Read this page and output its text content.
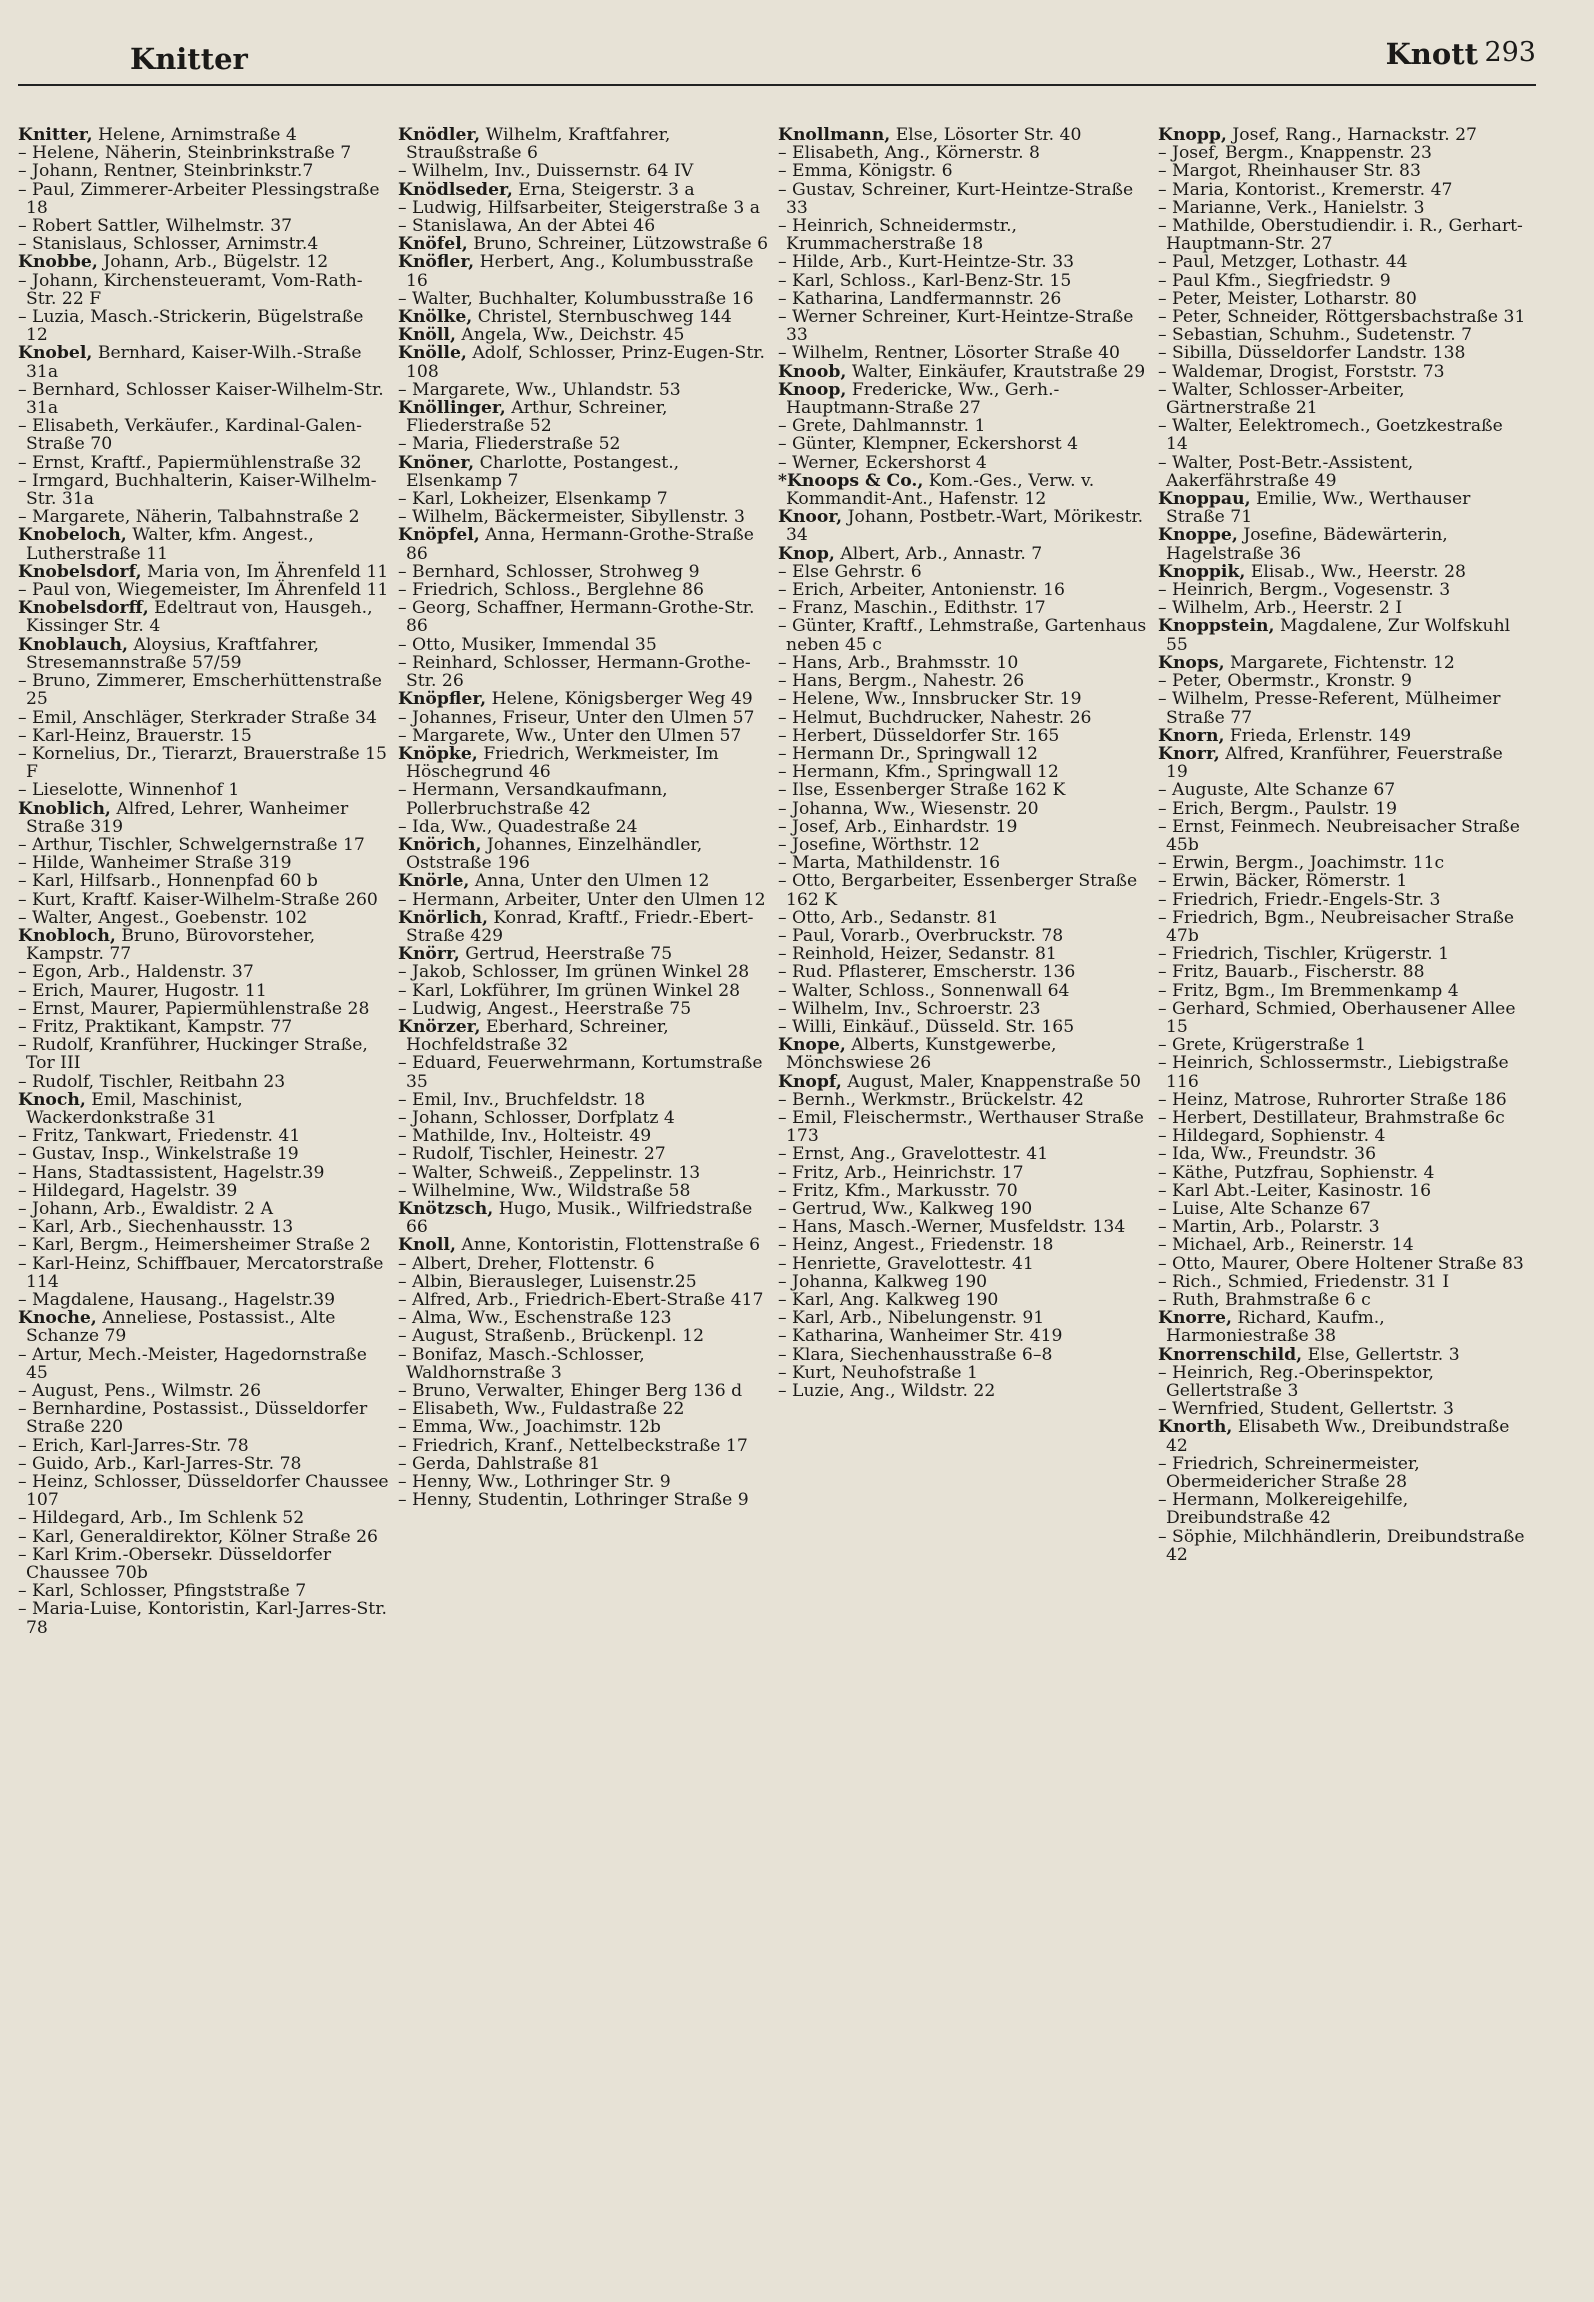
Knitter	Knott 293

Knitter, Helene, Arnimstraße 4

– Helene, Näherin, Steinbrinkstraße 7

– Johann, Rentner, Steinbrinkstr.7

– Paul, Zimmerer-Arbeiter Plessingstraße 18

– Robert Sattler, Wilhelmstr. 37

– Stanislaus, Schlosser, Arnimstr.4

Knobbe, Johann, Arb., Bügelstr. 12

– Johann, Kirchensteueramt, Vom-Rath-Str. 22 F

– Luzia, Masch.-Strickerin, Bügelstraße 12

Knobel, Bernhard, Kaiser-Wilh.-Straße 31a

– Bernhard, Schlosser Kaiser-Wilhelm-Str. 31a

– Elisabeth, Verkäufer., Kardinal-Galen-Straße 70

– Ernst, Kraftf., Papiermühlenstraße 32

– Irmgard, Buchhalterin, Kaiser-Wilhelm-Str. 31a

– Margarete, Näherin, Talbahnstraße 2

Knobeloch, Walter, kfm. Angest., Lutherstraße 11

Knobelsdorf, Maria von, Im Ährenfeld 11

– Paul von, Wiegemeister, Im Ährenfeld 11

Knobelsdorff, Edeltraut von, Hausgeh., Kissinger Str. 4

Knoblauch, Aloysius, Kraftfahrer, Stresemannstraße 57/59

– Bruno, Zimmerer, Emscherhüttenstraße 25

– Emil, Anschläger, Sterkrader Straße 34

– Karl-Heinz, Brauerstr. 15

– Kornelius, Dr., Tierarzt, Brauerstraße 15 F

– Lieselotte, Winnenhof 1

Knoblich, Alfred, Lehrer, Wanheimer Straße 319

– Arthur, Tischler, Schwelgernstraße 17

– Hilde, Wanheimer Straße 319

– Karl, Hilfsarb., Honnenpfad 60 b

– Kurt, Kraftf. Kaiser-Wilhelm-Straße 260

– Walter, Angest., Goebenstr. 102

Knobloch, Bruno, Bürovorsteher, Kampstr. 77

– Egon, Arb., Haldenstr. 37

– Erich, Maurer, Hugostr. 11

– Ernst, Maurer, Papiermühlenstraße 28

– Fritz, Praktikant, Kampstr. 77

– Rudolf, Kranführer, Huckinger Straße, Tor III

– Rudolf, Tischler, Reitbahn 23

Knoch, Emil, Maschinist, Wackerdonkstraße 31

– Fritz, Tankwart, Friedenstr. 41

– Gustav, Insp., Winkelstraße 19

– Hans, Stadtassistent, Hagelstr.39

– Hildegard, Hagelstr. 39

– Johann, Arb., Ewaldistr. 2 A

– Karl, Arb., Siechenhausstr. 13

– Karl, Bergm., Heimersheimer Straße 2

– Karl-Heinz, Schiffbauer, Mercatorstraße 114

– Magdalene, Hausang., Hagelstr.39

Knoche, Anneliese, Postassist., Alte Schanze 79

– Artur, Mech.-Meister, Hagedornstraße 45

– August, Pens., Wilmstr. 26

– Bernhardine, Postassist., Düsseldorfer Straße 220

– Erich, Karl-Jarres-Str. 78

– Guido, Arb., Karl-Jarres-Str. 78

– Heinz, Schlosser, Düsseldorfer Chaussee 107

– Hildegard, Arb., Im Schlenk 52

– Karl, Generaldirektor, Kölner Straße 26

– Karl Krim.-Obersekr. Düsseldorfer Chaussee 70b

– Karl, Schlosser, Pfingststraße 7

– Maria-Luise, Kontoristin, Karl-Jarres-Str. 78

Knödler, Wilhelm, Kraftfahrer, Straußstraße 6

– Wilhelm, Inv., Duissernstr. 64 IV

Knödlseder, Erna, Steigerstr. 3 a

– Ludwig, Hilfsarbeiter, Steigerstraße 3 a

– Stanislawa, An der Abtei 46

Knöfel, Bruno, Schreiner, Lützowstraße 6

Knöfler, Herbert, Ang., Kolumbusstraße 16

– Walter, Buchhalter, Kolumbusstraße 16

Knölke, Christel, Sternbuschweg 144

Knöll, Angela, Ww., Deichstr. 45

Knölle, Adolf, Schlosser, Prinz-Eugen-Str. 108

– Margarete, Ww., Uhlandstr. 53

Knöllinger, Arthur, Schreiner, Fliederstraße 52

– Maria, Fliederstraße 52

Knöner, Charlotte, Postangest., Elsenkamp 7

– Karl, Lokheizer, Elsenkamp 7

– Wilhelm, Bäckermeister, Sibyllenstr. 3

Knöpfel, Anna, Hermann-Grothe-Straße 86

– Bernhard, Schlosser, Strohweg 9

– Friedrich, Schloss., Berglehne 86

– Georg, Schaffner, Hermann-Grothe-Str. 86

– Otto, Musiker, Immendal 35

– Reinhard, Schlosser, Hermann-Grothe-Str. 26

Knöpfler, Helene, Königsberger Weg 49

– Johannes, Friseur, Unter den Ulmen 57

– Margarete, Ww., Unter den Ulmen 57

Knöpke, Friedrich, Werkmeister, Im Höschegrund 46

– Hermann, Versandkaufmann, Pollerbruchstraße 42

– Ida, Ww., Quadestraße 24

Knörich, Johannes, Einzelhändler, Oststraße 196

Knörle, Anna, Unter den Ulmen 12

– Hermann, Arbeiter, Unter den Ulmen 12

Knörlich, Konrad, Kraftf., Friedr.-Ebert-Straße 429

Knörr, Gertrud, Heerstraße 75

– Jakob, Schlosser, Im grünen Winkel 28

– Karl, Lokführer, Im grünen Winkel 28

– Ludwig, Angest., Heerstraße 75

Knörzer, Eberhard, Schreiner, Hochfeldstraße 32

– Eduard, Feuerwehrmann, Kortumstraße 35

– Emil, Inv., Bruchfeldstr. 18

– Johann, Schlosser, Dorfplatz 4

– Mathilde, Inv., Holteistr. 49

– Rudolf, Tischler, Heinestr. 27

– Walter, Schweiß., Zeppelinstr. 13

– Wilhelmine, Ww., Wildstraße 58

Knötzsch, Hugo, Musik., Wilfriedstraße 66

Knoll, Anne, Kontoristin, Flottenstraße 6

– Albert, Dreher, Flottenstr. 6

– Albin, Bierausleger, Luisenstr.25

– Alfred, Arb., Friedrich-Ebert-Straße 417

– Alma, Ww., Eschenstraße 123

– August, Straßenb., Brückenpl. 12

– Bonifaz, Masch.-Schlosser, Waldhornstraße 3

– Bruno, Verwalter, Ehinger Berg 136 d

– Elisabeth, Ww., Fuldastraße 22

– Emma, Ww., Joachimstr. 12b

– Friedrich, Kranf., Nettelbeckstraße 17

– Gerda, Dahlstraße 81

– Henny, Ww., Lothringer Str. 9

– Henny, Studentin, Lothringer Straße 9

Knollmann, Else, Lösorter Str. 40

– Elisabeth, Ang., Körnerstr. 8

– Emma, Königstr. 6

– Gustav, Schreiner, Kurt-Heintze-Straße 33

– Heinrich, Schneidermstr., Krummacherstraße 18

– Hilde, Arb., Kurt-Heintze-Str. 33

– Karl, Schloss., Karl-Benz-Str. 15

– Katharina, Landfermannstr. 26

– Werner Schreiner, Kurt-Heintze-Straße 33

– Wilhelm, Rentner, Lösorter Straße 40

Knoob, Walter, Einkäufer, Krautstraße 29

Knoop, Fredericke, Ww., Gerh.-Hauptmann-Straße 27

– Grete, Dahlmannstr. 1

– Günter, Klempner, Eckershorst 4

– Werner, Eckershorst 4

*Knoops & Co., Kom.-Ges., Verw. v. Kommandit-Ant., Hafenstr. 12

Knoor, Johann, Postbetr.-Wart, Mörikestr. 34

Knop, Albert, Arb., Annastr. 7

– Else Gehrstr. 6

– Erich, Arbeiter, Antonienstr. 16

– Franz, Maschin., Edithstr. 17

– Günter, Kraftf., Lehmstraße, Gartenhaus neben 45 c

– Hans, Arb., Brahmsstr. 10

– Hans, Bergm., Nahestr. 26

– Helene, Ww., Innsbrucker Str. 19

– Helmut, Buchdrucker, Nahestr. 26

– Herbert, Düsseldorfer Str. 165

– Hermann Dr., Springwall 12

– Hermann, Kfm., Springwall 12

– Ilse, Essenberger Straße 162 K

– Johanna, Ww., Wiesenstr. 20

– Josef, Arb., Einhardstr. 19

– Josefine, Wörthstr. 12

– Marta, Mathildenstr. 16

– Otto, Bergarbeiter, Essenberger Straße 162 K

– Otto, Arb., Sedanstr. 81

– Paul, Vorarb., Overbruckstr. 78

– Reinhold, Heizer, Sedanstr. 81

– Rud. Pflasterer, Emscherstr. 136

– Walter, Schloss., Sonnenwall 64

– Wilhelm, Inv., Schroerstr. 23

– Willi, Einkäuf., Düsseld. Str. 165

Knope, Alberts, Kunstgewerbe, Mönchswiese 26

Knopf, August, Maler, Knappenstraße 50

– Bernh., Werkmstr., Brückelstr. 42

– Emil, Fleischermstr., Werthauser Straße 173

– Ernst, Ang., Gravelottestr. 41

– Fritz, Arb., Heinrichstr. 17

– Fritz, Kfm., Markusstr. 70

– Gertrud, Ww., Kalkweg 190

– Hans, Masch.-Werner, Musfeldstr. 134

– Heinz, Angest., Friedenstr. 18

– Henriette, Gravelottestr. 41

– Johanna, Kalkweg 190

– Karl, Ang. Kalkweg 190

– Karl, Arb., Nibelungenstr. 91

– Katharina, Wanheimer Str. 419

– Klara, Siechenhausstraße 6–8

– Kurt, Neuhofstraße 1

– Luzie, Ang., Wildstr. 22

Knopp, Josef, Rang., Harnackstr. 27

– Josef, Bergm., Knappenstr. 23

– Margot, Rheinhauser Str. 83

– Maria, Kontorist., Kremerstr. 47

– Marianne, Verk., Hanielstr. 3

– Mathilde, Oberstudiendir. i. R., Gerhart-Hauptmann-Str. 27

– Paul, Metzger, Lothastr. 44

– Paul Kfm., Siegfriedstr. 9

– Peter, Meister, Lotharstr. 80

– Peter, Schneider, Röttgersbachstraße 31

– Sebastian, Schuhm., Sudetenstr. 7

– Sibilla, Düsseldorfer Landstr. 138

– Waldemar, Drogist, Forststr. 73

– Walter, Schlosser-Arbeiter, Gärtnerstraße 21

– Walter, Eelektromech., Goetzkestraße 14

– Walter, Post-Betr.-Assistent, Aakerfährstraße 49

Knoppau, Emilie, Ww., Werthauser Straße 71

Knoppe, Josefine, Bädewärterin, Hagelstraße 36

Knoppik, Elisab., Ww., Heerstr. 28

– Heinrich, Bergm., Vogesenstr. 3

– Wilhelm, Arb., Heerstr. 2 I

Knoppstein, Magdalene, Zur Wolfskuhl 55

Knops, Margarete, Fichtenstr. 12

– Peter, Obermstr., Kronstr. 9

– Wilhelm, Presse-Referent, Mülheimer Straße 77

Knorn, Frieda, Erlenstr. 149

Knorr, Alfred, Kranführer, Feuerstraße 19

– Auguste, Alte Schanze 67

– Erich, Bergm., Paulstr. 19

– Ernst, Feinmech. Neubreisacher Straße 45b

– Erwin, Bergm., Joachimstr. 11c

– Erwin, Bäcker, Römerstr. 1

– Friedrich, Friedr.-Engels-Str. 3

– Friedrich, Bgm., Neubreisacher Straße 47b

– Friedrich, Tischler, Krügerstr. 1

– Fritz, Bauarb., Fischerstr. 88

– Fritz, Bgm., Im Bremmenkamp 4

– Gerhard, Schmied, Oberhausener Allee 15

– Grete, Krügerstraße 1

– Heinrich, Schlossermstr., Liebigstraße 116

– Heinz, Matrose, Ruhrorter Straße 186

– Herbert, Destillateur, Brahmstraße 6c

– Hildegard, Sophienstr. 4

– Ida, Ww., Freundstr. 36

– Käthe, Putzfrau, Sophienstr. 4

– Karl Abt.-Leiter, Kasinostr. 16

– Luise, Alte Schanze 67

– Martin, Arb., Polarstr. 3

– Michael, Arb., Reinerstr. 14

– Otto, Maurer, Obere Holtener Straße 83

– Rich., Schmied, Friedenstr. 31 I

– Ruth, Brahmstraße 6 c

Knorre, Richard, Kaufm., Harmoniestraße 38

Knorrenschild, Else, Gellertstr. 3

– Heinrich, Reg.-Oberinspektor, Gellertstraße 3

– Wernfried, Student, Gellertstr. 3

Knorth, Elisabeth Ww., Dreibundstraße 42

– Friedrich, Schreinermeister, Obermeidericher Straße 28

– Hermann, Molkereigehilfe, Dreibundstraße 42

– Söphie, Milchhändlerin, Dreibundstraße 42
